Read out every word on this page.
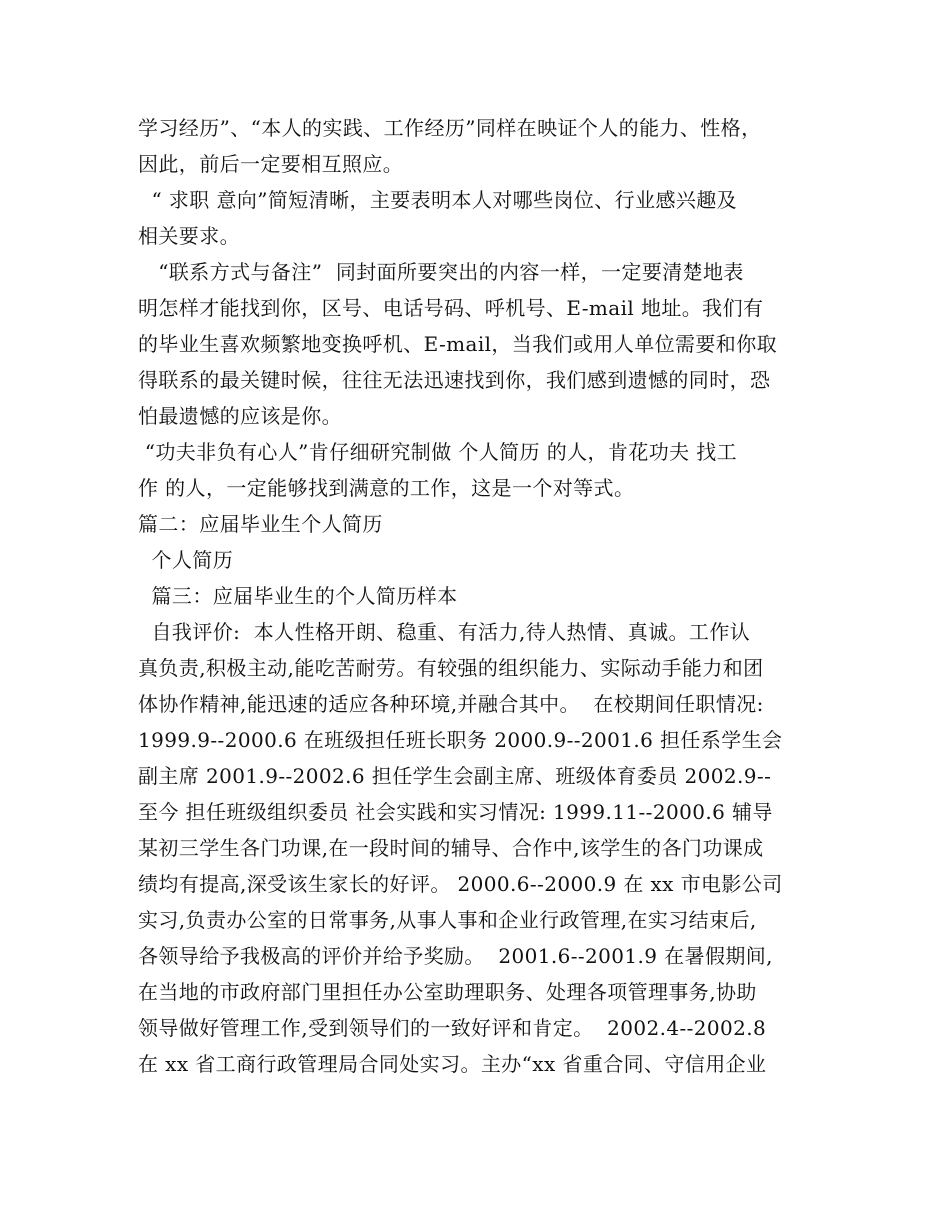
学习经历”、“本人的实践、工作经历”同样在映证个人的能力、性格，
因此，前后一定要相互照应。
“ 求职 意向”简短清晰，主要表明本人对哪些岗位、行业感兴趣及
相关要求。
“联系方式与备注”  同封面所要突出的内容一样，一定要清楚地表
明怎样才能找到你，区号、电话号码、呼机号、E-mail 地址。我们有
的毕业生喜欢频繁地变换呼机、E-mail，当我们或用人单位需要和你取
得联系的最关键时候，往往无法迅速找到你，我们感到遗憾的同时，恐
怕最遗憾的应该是你。
“功夫非负有心人”肯仔细研究制做 个人简历 的人，肯花功夫 找工
作 的人，一定能够找到满意的工作，这是一个对等式。
篇二：应届毕业生个人简历
个人简历
篇三：应届毕业生的个人简历样本
自我评价:  本人性格开朗、稳重、有活力,待人热情、真诚。工作认
真负责,积极主动,能吃苦耐劳。有较强的组织能力、实际动手能力和团
体协作精神,能迅速的适应各种环境,并融合其中。  在校期间任职情况:
1999.9--2000.6 在班级担任班长职务 2000.9--2001.6 担任系学生会
副主席 2001.9--2002.6 担任学生会副主席、班级体育委员 2002.9--
至今 担任班级组织委员 社会实践和实习情况: 1999.11--2000.6 辅导
某初三学生各门功课,在一段时间的辅导、合作中,该学生的各门功课成
绩均有提高,深受该生家长的好评。 2000.6--2000.9 在 xx 市电影公司
实习,负责办公室的日常事务,从事人事和企业行政管理,在实习结束后,
各领导给予我极高的评价并给予奖励。  2001.6--2001.9 在暑假期间,
在当地的市政府部门里担任办公室助理职务、处理各项管理事务,协助
领导做好管理工作,受到领导们的一致好评和肯定。  2002.4--2002.8
在 xx 省工商行政管理局合同处实习。主办“xx 省重合同、守信用企业
